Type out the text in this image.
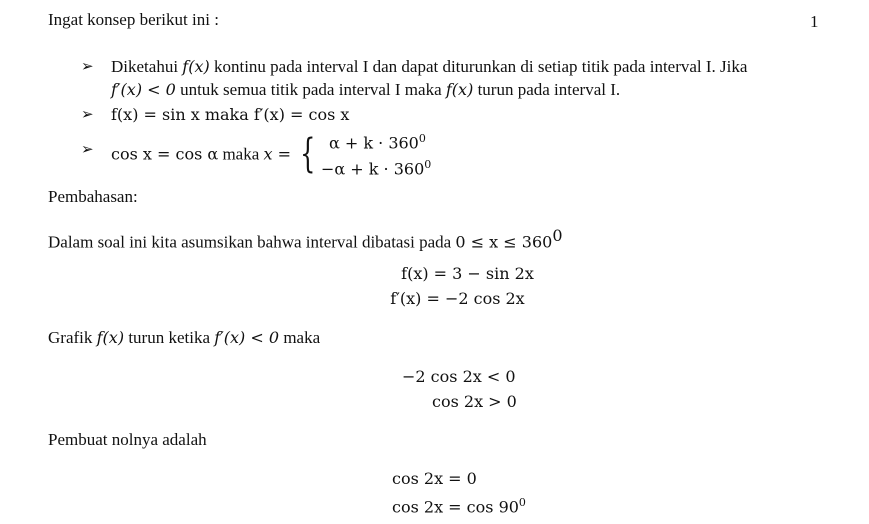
Ingat konsep berikut ini :	1
➢ Diketahui f(x) kontinu pada interval I dan dapat diturunkan di setiap titik pada interval I. Jika
f′(x) < 0 untuk semua titik pada interval I maka f(x) turun pada interval I.
➢ f(x) = sin x maka f′(x) = cos x
➢ cos x = cos α maka x = { $\alpha + k \cdot 360^0$
$-\alpha + k \cdot 360^0$
Pembahasan:
Dalam soal ini kita asumsikan bahwa interval dibatasi pada $0 \le x \le 360^0$
f(x) = 3 − sin 2x
f′(x) = −2 cos 2x
Grafik f(x) turun ketika f′(x) < 0 maka
−2 cos 2x < 0
cos 2x > 0
Pembuat nolnya adalah
cos 2x = 0
$\cos 2x = \cos 90^0$
